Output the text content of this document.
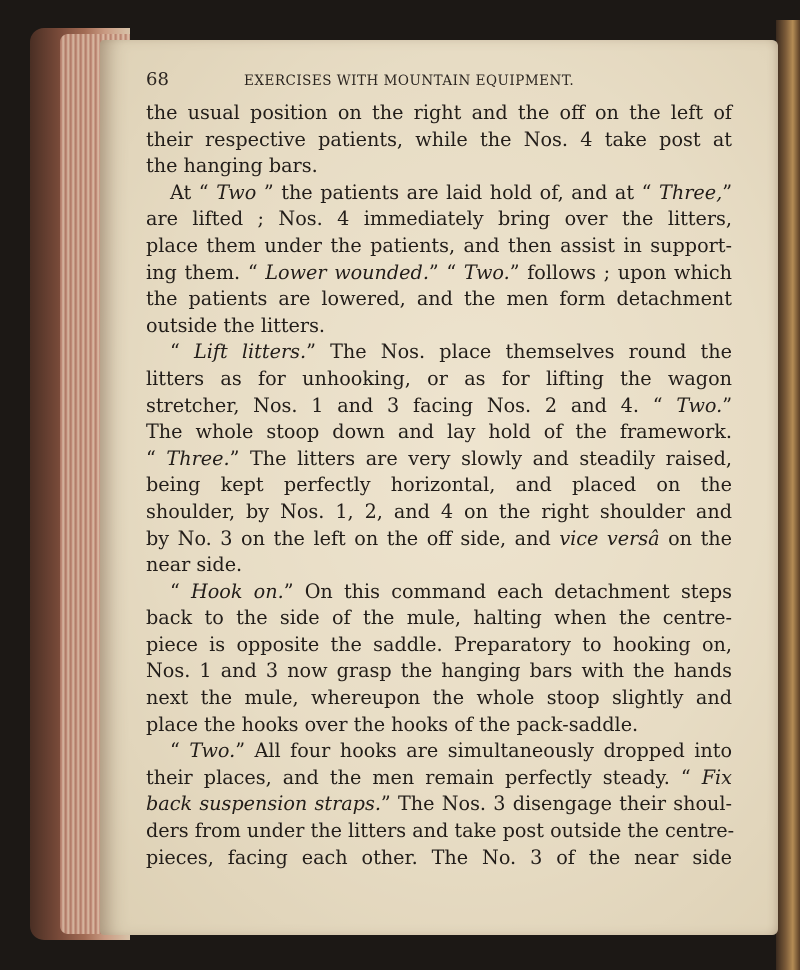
68	EXERCISES WITH MOUNTAIN EQUIPMENT.
the usual position on the right and the off on the left of
their respective patients, while the Nos. 4 take post at
the hanging bars.
At “ Two ” the patients are laid hold of, and at “ Three,”
are lifted ; Nos. 4 immediately bring over the litters,
place them under the patients, and then assist in support-
ing them. “ Lower wounded.” “ Two.” follows ; upon which
the patients are lowered, and the men form detachment
outside the litters.
“ Lift litters.” The Nos. place themselves round the
litters as for unhooking, or as for lifting the wagon
stretcher, Nos. 1 and 3 facing Nos. 2 and 4. “ Two.”
The whole stoop down and lay hold of the framework.
“ Three.” The litters are very slowly and steadily raised,
being kept perfectly horizontal, and placed on the
shoulder, by Nos. 1, 2, and 4 on the right shoulder and
by No. 3 on the left on the off side, and vice versâ on the
near side.
“ Hook on.” On this command each detachment steps
back to the side of the mule, halting when the centre-
piece is opposite the saddle. Preparatory to hooking on,
Nos. 1 and 3 now grasp the hanging bars with the hands
next the mule, whereupon the whole stoop slightly and
place the hooks over the hooks of the pack-saddle.
“ Two.” All four hooks are simultaneously dropped into
their places, and the men remain perfectly steady. “ Fix
back suspension straps.” The Nos. 3 disengage their shoul-
ders from under the litters and take post outside the centre-
pieces, facing each other. The No. 3 of the near side
